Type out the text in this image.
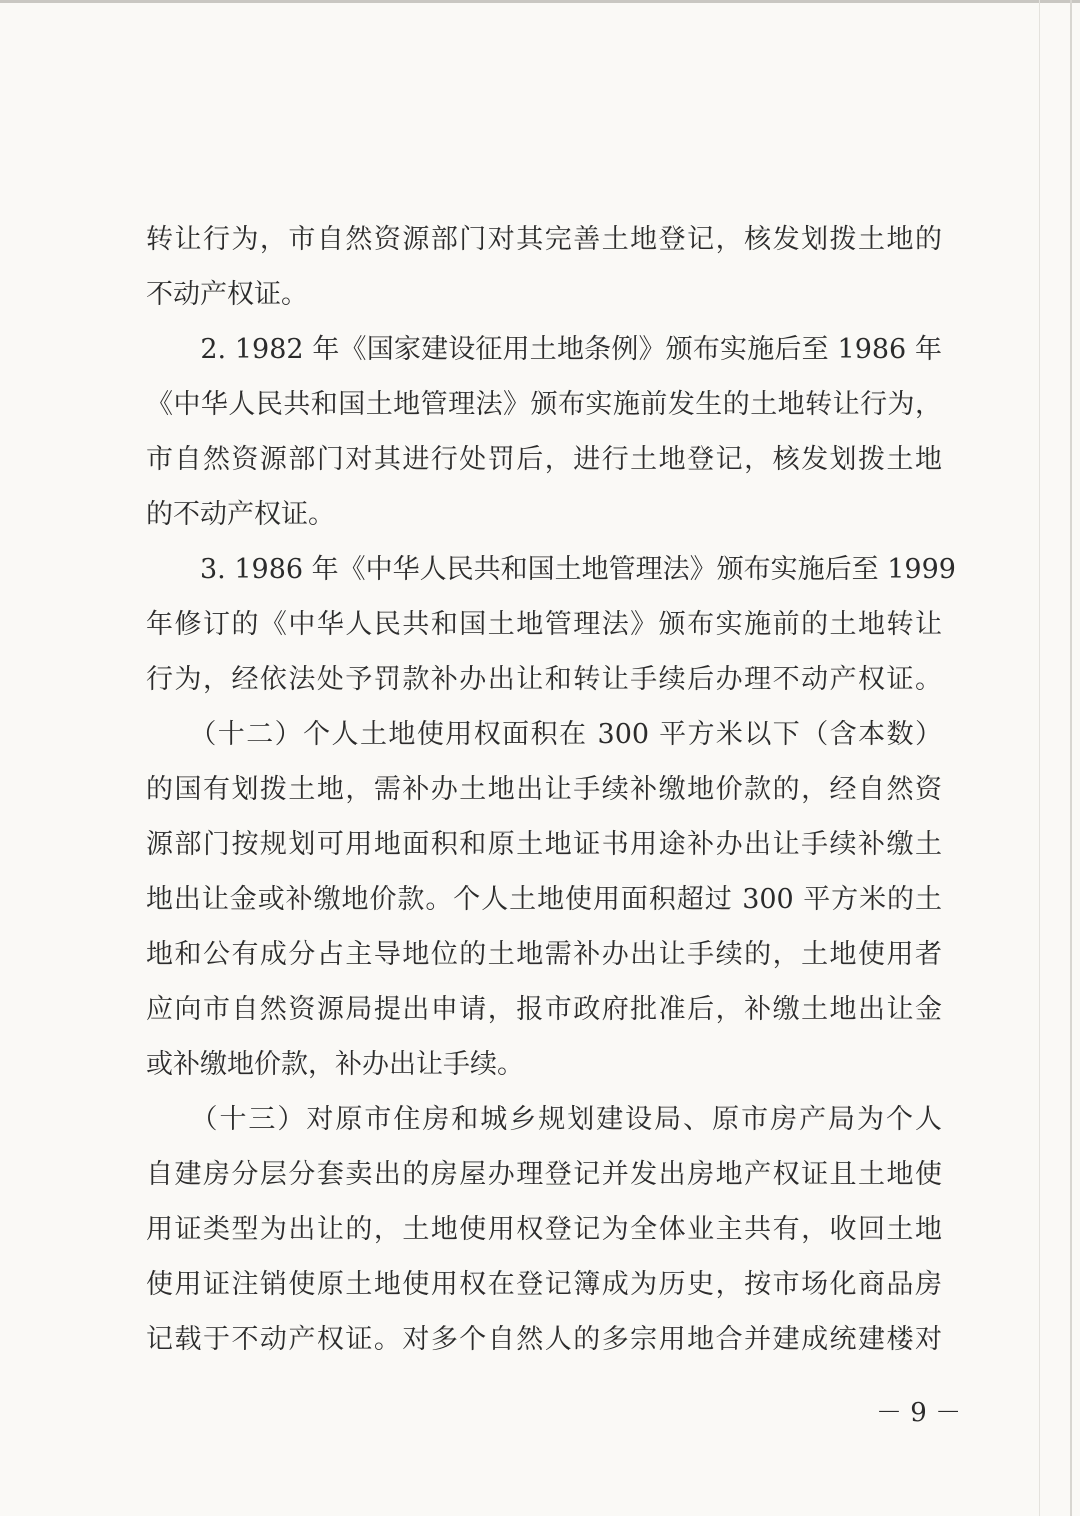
转让行为，市自然资源部门对其完善土地登记，核发划拨土地的
不动产权证。
　　2. 1982 年《国家建设征用土地条例》颁布实施后至 1986 年
《中华人民共和国土地管理法》颁布实施前发生的土地转让行为，
市自然资源部门对其进行处罚后，进行土地登记，核发划拨土地
的不动产权证。
　　3. 1986 年《中华人民共和国土地管理法》颁布实施后至 1999
年修订的《中华人民共和国土地管理法》颁布实施前的土地转让
行为，经依法处予罚款补办出让和转让手续后办理不动产权证。
　　（十二）个人土地使用权面积在 300 平方米以下（含本数）
的国有划拨土地，需补办土地出让手续补缴地价款的，经自然资
源部门按规划可用地面积和原土地证书用途补办出让手续补缴土
地出让金或补缴地价款。个人土地使用面积超过 300 平方米的土
地和公有成分占主导地位的土地需补办出让手续的，土地使用者
应向市自然资源局提出申请，报市政府批准后，补缴土地出让金
或补缴地价款，补办出让手续。
　　（十三）对原市住房和城乡规划建设局、原市房产局为个人
自建房分层分套卖出的房屋办理登记并发出房地产权证且土地使
用证类型为出让的，土地使用权登记为全体业主共有，收回土地
使用证注销使原土地使用权在登记簿成为历史，按市场化商品房
记载于不动产权证。对多个自然人的多宗用地合并建成统建楼对
－ 9 －
